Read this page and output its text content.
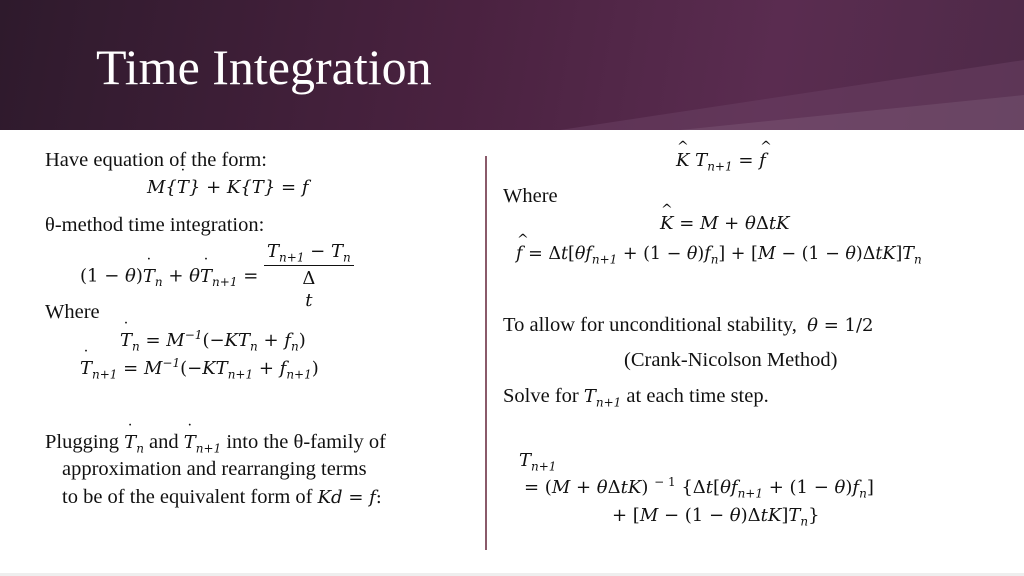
Time Integration
Have equation of the form:
M{T ˙} + K{T} = f
θ-method time integration:
(1 − θ)T $˙_n + \theta T$ $˙_{n+1} = T_{n+1} - T_n$
Δ
t
Where
T $˙_n = M^{-1}(-KT_n + f_n)$
T $˙_{n+1} = M^{-1}(-KT_{n+1} + f_{n+1})$
Plugging T $˙_n$ and T $˙_{n+1}$ into the θ-family of
approximation and rearranging terms
to be of the equivalent form of Kd = f:
K ^ $T_{n+1} = f$ ^
Where
K ^ = M + θΔtK
f ^ = $\Delta t[\theta f_{n+1} + (1 - \theta)f_n] + [M - (1 - \theta)\Delta tK]T_n$
To allow for unconditional stability, θ = 1/2
(Crank-Nicolson Method)
Solve for $T_{n+1}$ at each time step.
$T_{n+1}$
= (M + θΔtK) $^{- 1}$ {$\Delta t[\theta f_{n+1} + (1 - \theta)f_n]$
+ $[M - (1 - \theta)\Delta tK]T_n$}
